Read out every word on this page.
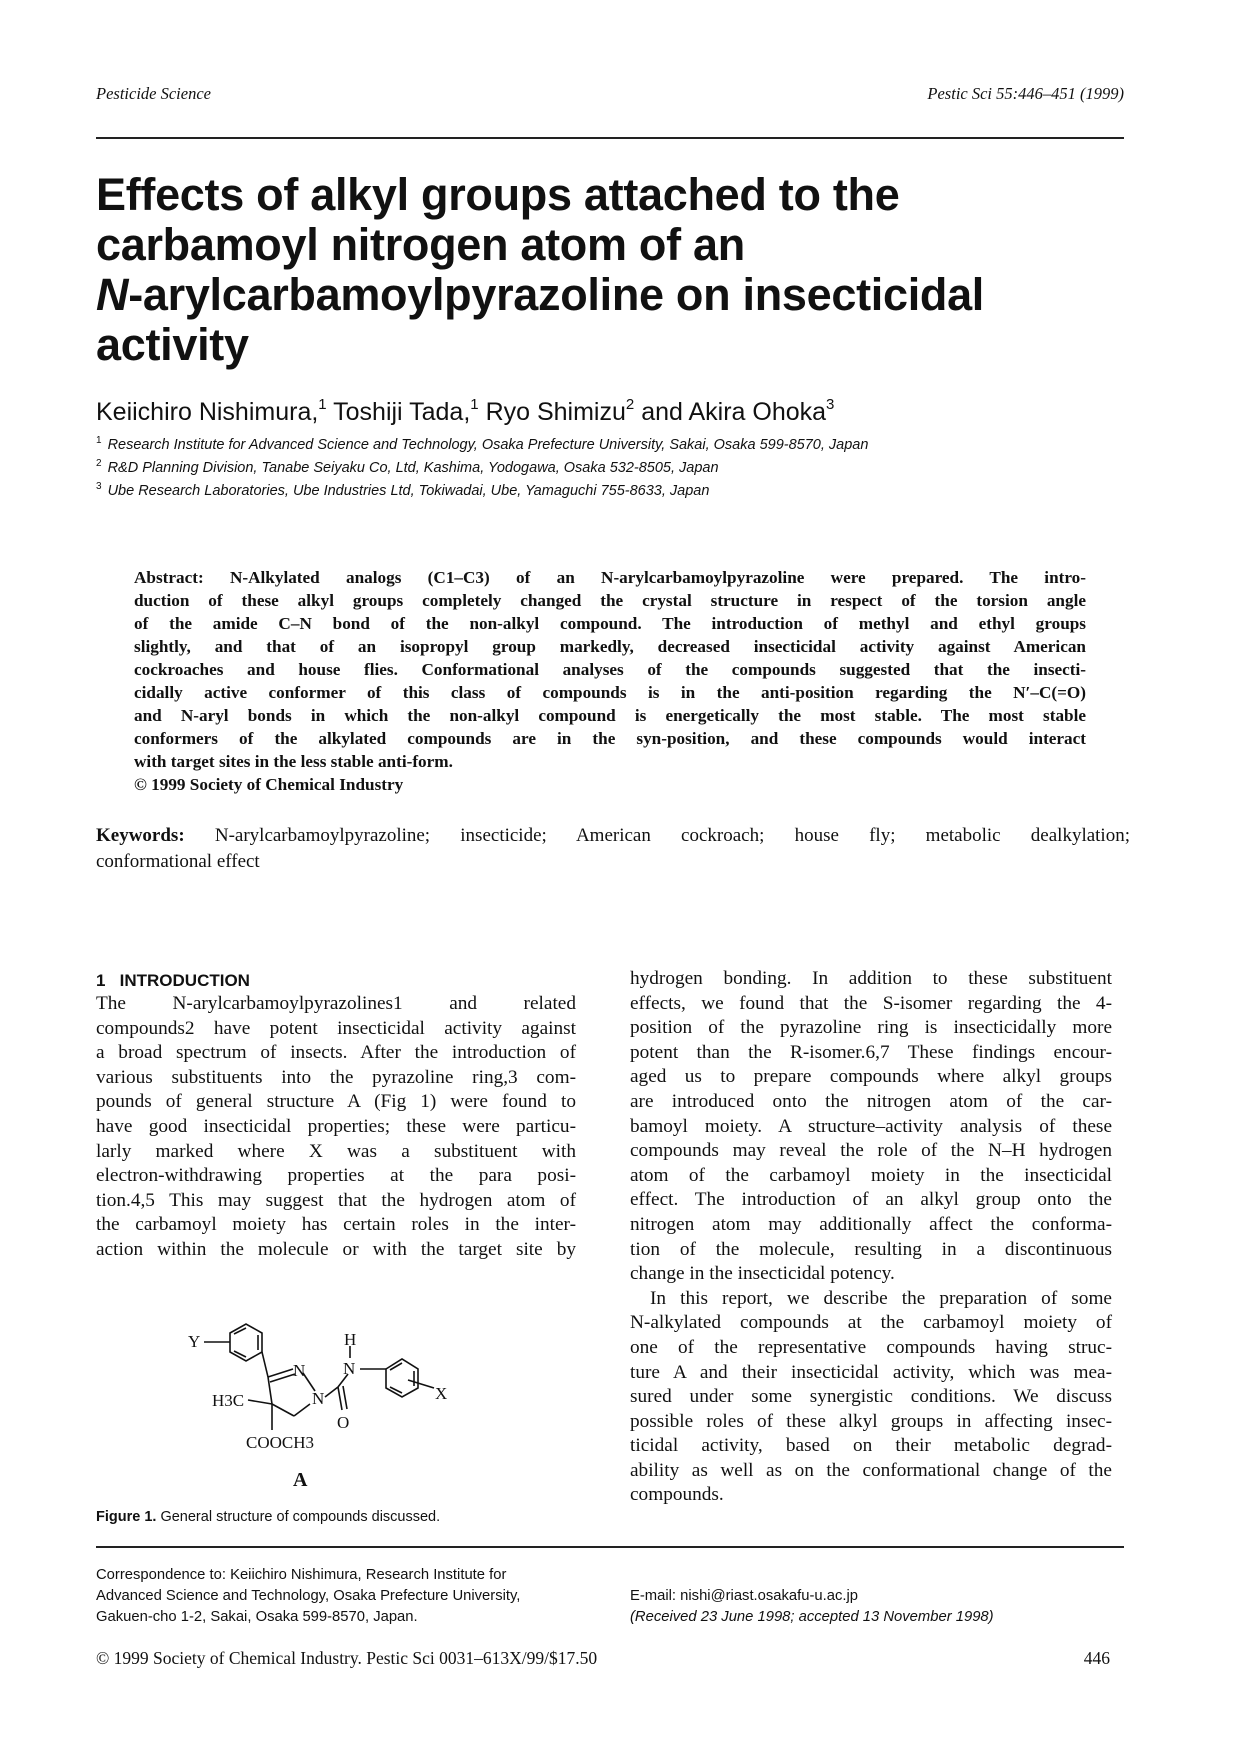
Pesticide Science	Pestic Sci 55:446–451 (1999)
Effects of alkyl groups attached to the
carbamoyl nitrogen atom of an
N-arylcarbamoylpyrazoline on insecticidal
activity
Keiichiro Nishimura,$^1$ Toshiji Tada,$^1$ Ryo Shimizu$^2$ and Akira Ohoka$^3$
$^1$ Research Institute for Advanced Science and Technology, Osaka Prefecture University, Sakai, Osaka 599-8570, Japan
$^2$ R&D Planning Division, Tanabe Seiyaku Co, Ltd, Kashima, Yodogawa, Osaka 532-8505, Japan
$^3$ Ube Research Laboratories, Ube Industries Ltd, Tokiwadai, Ube, Yamaguchi 755-8633, Japan
Abstract: N-Alkylated analogs (C1–C3) of an N-arylcarbamoylpyrazoline were prepared. The intro-
duction of these alkyl groups completely changed the crystal structure in respect of the torsion angle
of the amide C–N bond of the non-alkyl compound. The introduction of methyl and ethyl groups
slightly, and that of an isopropyl group markedly, decreased insecticidal activity against American
cockroaches and house flies. Conformational analyses of the compounds suggested that the insecti-
cidally active conformer of this class of compounds is in the anti-position regarding the N′–C(=O)
and N-aryl bonds in which the non-alkyl compound is energetically the most stable. The most stable
conformers of the alkylated compounds are in the syn-position, and these compounds would interact
with target sites in the less stable anti-form.
© 1999 Society of Chemical Industry
Keywords: N-arylcarbamoylpyrazoline; insecticide; American cockroach; house fly; metabolic dealkylation;
conformational effect
1 INTRODUCTION
The N-arylcarbamoylpyrazolines1 and related
compounds2 have potent insecticidal activity against
a broad spectrum of insects. After the introduction of
various substituents into the pyrazoline ring,3 com-
pounds of general structure A (Fig 1) were found to
have good insecticidal properties; these were particu-
larly marked where X was a substituent with
electron-withdrawing properties at the para posi-
tion.4,5 This may suggest that the hydrogen atom of
the carbamoyl moiety has certain roles in the inter-
action within the molecule or with the target site by
hydrogen bonding. In addition to these substituent
effects, we found that the S-isomer regarding the 4-
position of the pyrazoline ring is insecticidally more
potent than the R-isomer.6,7 These findings encour-
aged us to prepare compounds where alkyl groups
are introduced onto the nitrogen atom of the car-
bamoyl moiety. A structure–activity analysis of these
compounds may reveal the role of the N–H hydrogen
atom of the carbamoyl moiety in the insecticidal
effect. The introduction of an alkyl group onto the
nitrogen atom may additionally affect the conforma-
tion of the molecule, resulting in a discontinuous
change in the insecticidal potency.
In this report, we describe the preparation of some
N-alkylated compounds at the carbamoyl moiety of
one of the representative compounds having struc-
ture A and their insecticidal activity, which was mea-
sured under some synergistic conditions. We discuss
possible roles of these alkyl groups in affecting insec-
ticidal activity, based on their metabolic degrad-
ability as well as on the conformational change of the
compounds.
Y
N
N
H
N
O
X
H3C
COOCH3
A
Figure 1. General structure of compounds discussed.
Correspondence to: Keiichiro Nishimura, Research Institute for
Advanced Science and Technology, Osaka Prefecture University,
Gakuen-cho 1-2, Sakai, Osaka 599-8570, Japan.
E-mail: nishi@riast.osakafu-u.ac.jp
(Received 23 June 1998; accepted 13 November 1998)
© 1999 Society of Chemical Industry. Pestic Sci 0031–613X/99/$17.50	446
